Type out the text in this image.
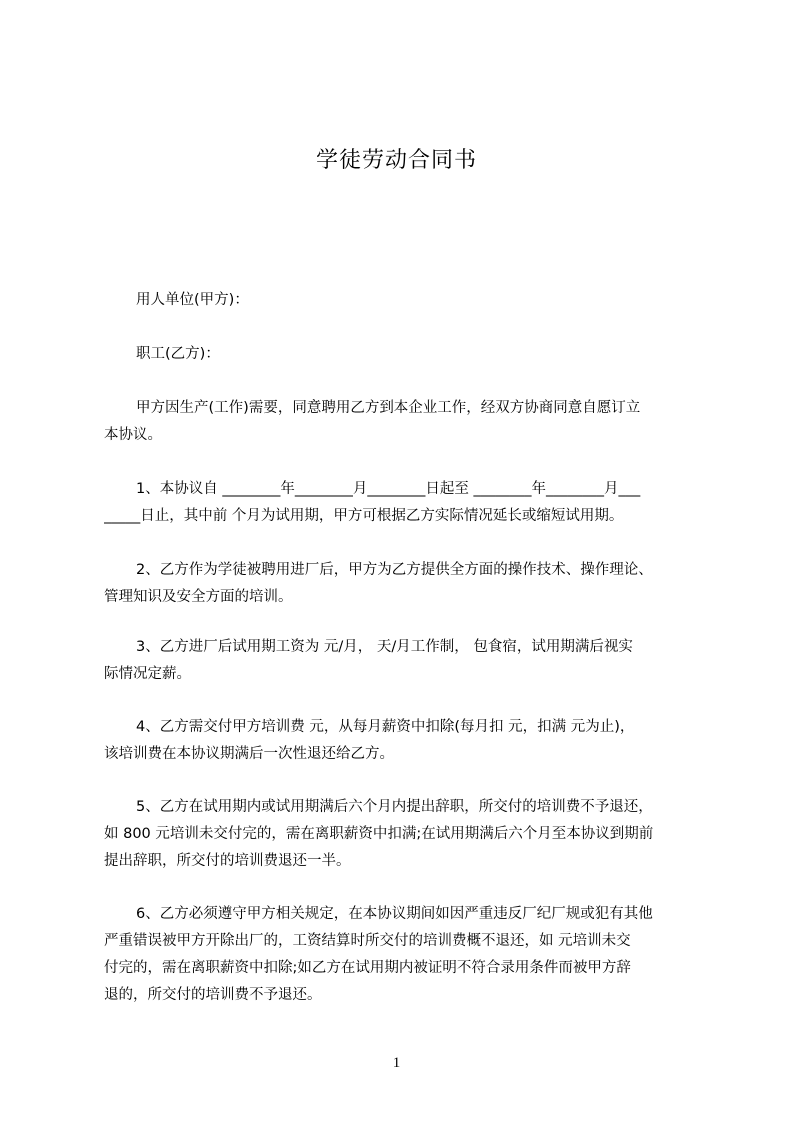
学徒劳动合同书
用人单位(甲方)：
职工(乙方)：
甲方因生产(工作)需要，同意聘用乙方到本企业工作，经双方协商同意自愿订立
本协议。
1、本协议自 ________年________月________日起至 ________年________月___
_____日止，其中前 个月为试用期，甲方可根据乙方实际情况延长或缩短试用期。
2、乙方作为学徒被聘用进厂后，甲方为乙方提供全方面的操作技术、操作理论、
管理知识及安全方面的培训。
3、乙方进厂后试用期工资为 元/月， 天/月工作制， 包食宿，试用期满后视实
际情况定薪。
4、乙方需交付甲方培训费 元，从每月薪资中扣除(每月扣 元，扣满 元为止)，
该培训费在本协议期满后一次性退还给乙方。
5、乙方在试用期内或试用期满后六个月内提出辞职，所交付的培训费不予退还，
如 800 元培训未交付完的，需在离职薪资中扣满;在试用期满后六个月至本协议到期前
提出辞职，所交付的培训费退还一半。
6、乙方必须遵守甲方相关规定，在本协议期间如因严重违反厂纪厂规或犯有其他
严重错误被甲方开除出厂的，工资结算时所交付的培训费概不退还，如 元培训未交
付完的，需在离职薪资中扣除;如乙方在试用期内被证明不符合录用条件而被甲方辞
退的，所交付的培训费不予退还。
1
